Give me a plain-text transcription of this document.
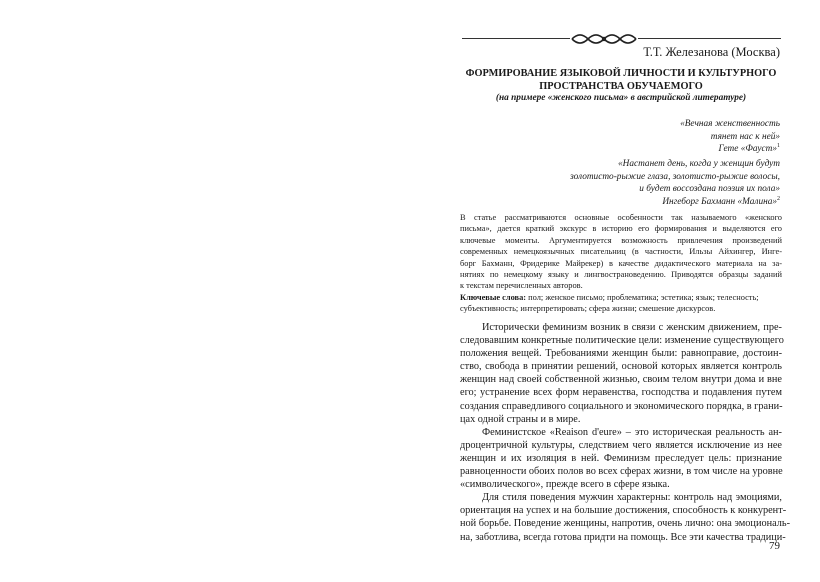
Т.Т. Железанова (Москва)
ФОРМИРОВАНИЕ ЯЗЫКОВОЙ ЛИЧНОСТИ И КУЛЬТУРНОГО
ПРОСТРАНСТВА ОБУЧАЕМОГО
(на примере «женского письма» в австрийской литературе)
«Вечная женственность
тянет нас к ней»
Гете «Фауст»$^1$
«Настанет день, когда у женщин будут
золотисто-рыжие глаза, золотисто-рыжие волосы,
и будет воссоздана поэзия их пола»
Ингеборг Бахманн «Малина»$^2$
В статье рассматриваются основные особенности так называемого «женского
письма», дается краткий экскурс в историю его формирования и выделяются его
ключевые моменты. Аргументируется возможность привлечения произведений
современных немецкоязычных писательниц (в частности, Ильзы Айхингер, Инге-
борг Бахманн, Фридерике Майрекер) в качестве дидактического материала на за-
нятиях по немецкому языку и лингвострановедению. Приводятся образцы заданий
к текстам перечисленных авторов.
Ключевые слова: пол; женское письмо; проблематика; эстетика; язык; телесность;
субъективность; интерпретировать; сфера жизни; смешение дискурсов.
Исторически феминизм возник в связи с женским движением, пре-
следовавшим конкретные политические цели: изменение существующего
положения вещей. Требованиями женщин были: равноправие, достоин-
ство, свобода в принятии решений, основой которых является контроль
женщин над своей собственной жизнью, своим телом внутри дома и вне
его; устранение всех форм неравенства, господства и подавления путем
создания справедливого социального и экономического порядка, в грани-
цах одной страны и в мире.
Феминистское «Reaison d'eure» – это историческая реальность ан-
дроцентричной культуры, следствием чего является исключение из нее
женщин и их изоляция в ней. Феминизм преследует цель: признание
равноценности обоих полов во всех сферах жизни, в том числе на уровне
«символического», прежде всего в сфере языка.
Для стиля поведения мужчин характерны: контроль над эмоциями,
ориентация на успех и на большие достижения, способность к конкурент-
ной борьбе. Поведение женщины, напротив, очень лично: она эмоциональ-
на, заботлива, всегда готова придти на помощь. Все эти качества традици-
79
